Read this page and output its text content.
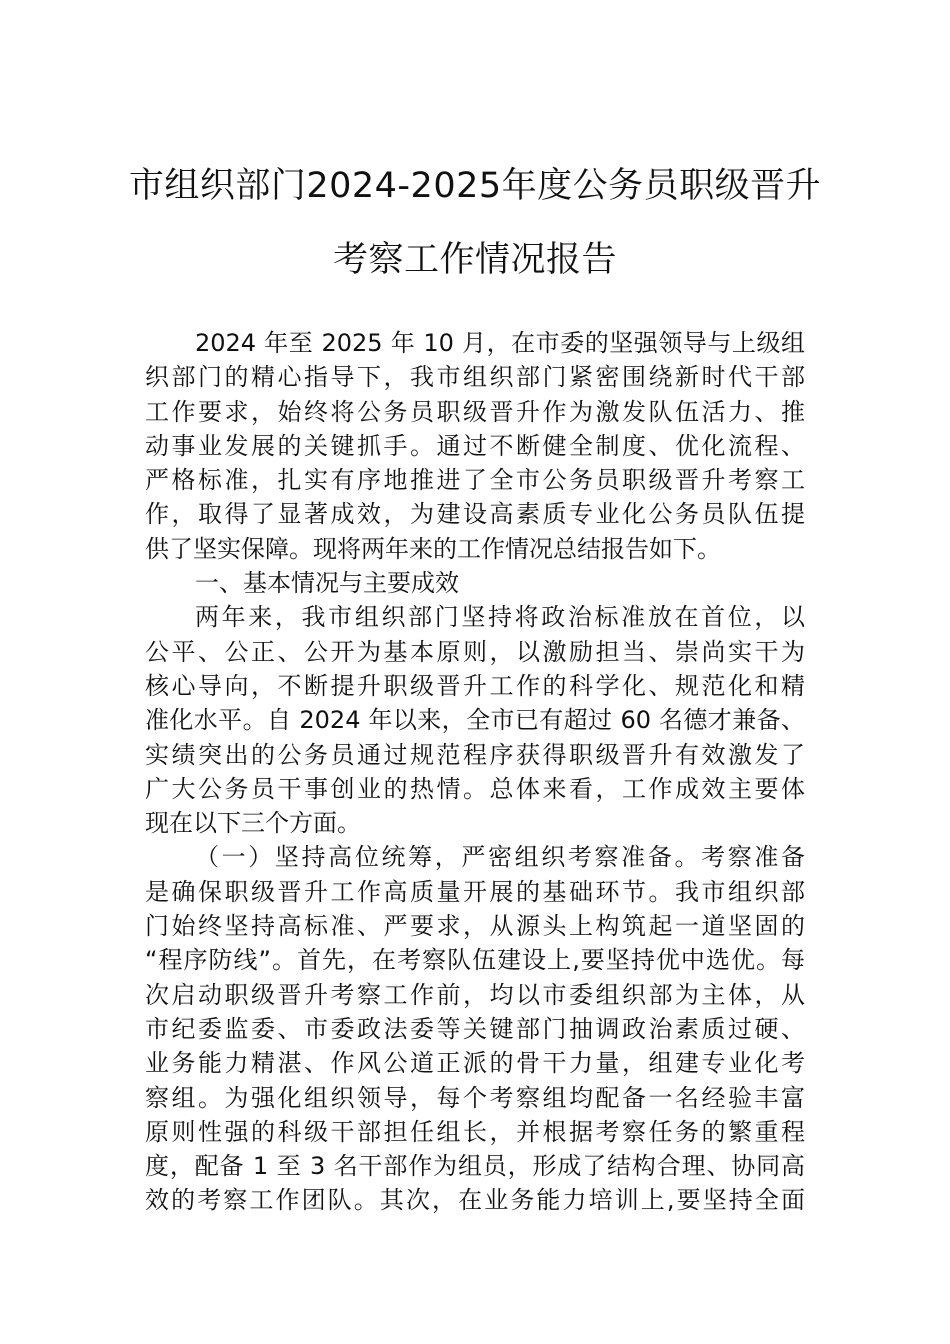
市组织部门2024-2025年度公务员职级晋升
考察工作情况报告
2024 年至 2025 年 10 月，在市委的坚强领导与上级组
织部门的精心指导下，我市组织部门紧密围绕新时代干部
工作要求，始终将公务员职级晋升作为激发队伍活力、推
动事业发展的关键抓手。通过不断健全制度、优化流程、
严格标准，扎实有序地推进了全市公务员职级晋升考察工
作，取得了显著成效，为建设高素质专业化公务员队伍提
供了坚实保障。现将两年来的工作情况总结报告如下。
一、基本情况与主要成效
两年来，我市组织部门坚持将政治标准放在首位，以
公平、公正、公开为基本原则，以激励担当、崇尚实干为
核心导向，不断提升职级晋升工作的科学化、规范化和精
准化水平。自 2024 年以来，全市已有超过 60 名德才兼备、
实绩突出的公务员通过规范程序获得职级晋升有效激发了
广大公务员干事创业的热情。总体来看，工作成效主要体
现在以下三个方面。
（一）坚持高位统筹，严密组织考察准备。考察准备
是确保职级晋升工作高质量开展的基础环节。我市组织部
门始终坚持高标准、严要求，从源头上构筑起一道坚固的
“程序防线”。首先，在考察队伍建设上,要坚持优中选优。每
次启动职级晋升考察工作前，均以市委组织部为主体，从
市纪委监委、市委政法委等关键部门抽调政治素质过硬、
业务能力精湛、作风公道正派的骨干力量，组建专业化考
察组。为强化组织领导，每个考察组均配备一名经验丰富
原则性强的科级干部担任组长，并根据考察任务的繁重程
度，配备 1 至 3 名干部作为组员，形成了结构合理、协同高
效的考察工作团队。其次，在业务能力培训上,要坚持全面
